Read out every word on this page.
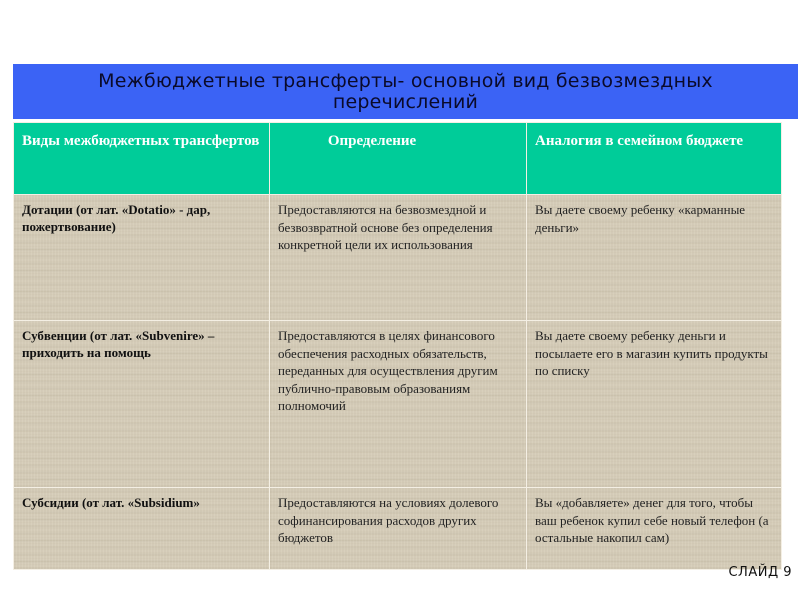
Межбюджетные трансферты- основной вид безвозмездных перечислений
Виды межбюджетных трансфертов	Определение	Аналогия в семейном бюджете

Дотации (от лат. «Dotatio» - дар, пожертвование)	Предоставляются на безвозмездной и безвозвратной основе без определения конкретной цели их использования	Вы даете своему ребенку «карманные деньги»

Субвенции (от лат. «Subvenire» – приходить на помощь	Предоставляются в целях финансового обеспечения расходных обязательств, переданных для осуществления другим публично-правовым образованиям полномочий	Вы даете своему ребенку деньги и посылаете его в магазин купить продукты по списку

Субсидии (от лат. «Subsidium»	Предоставляются на условиях долевого софинансирования расходов других бюджетов	Вы «добавляете» денег для того, чтобы ваш ребенок купил себе новый телефон (а остальные накопил сам)
СЛАЙД 9
